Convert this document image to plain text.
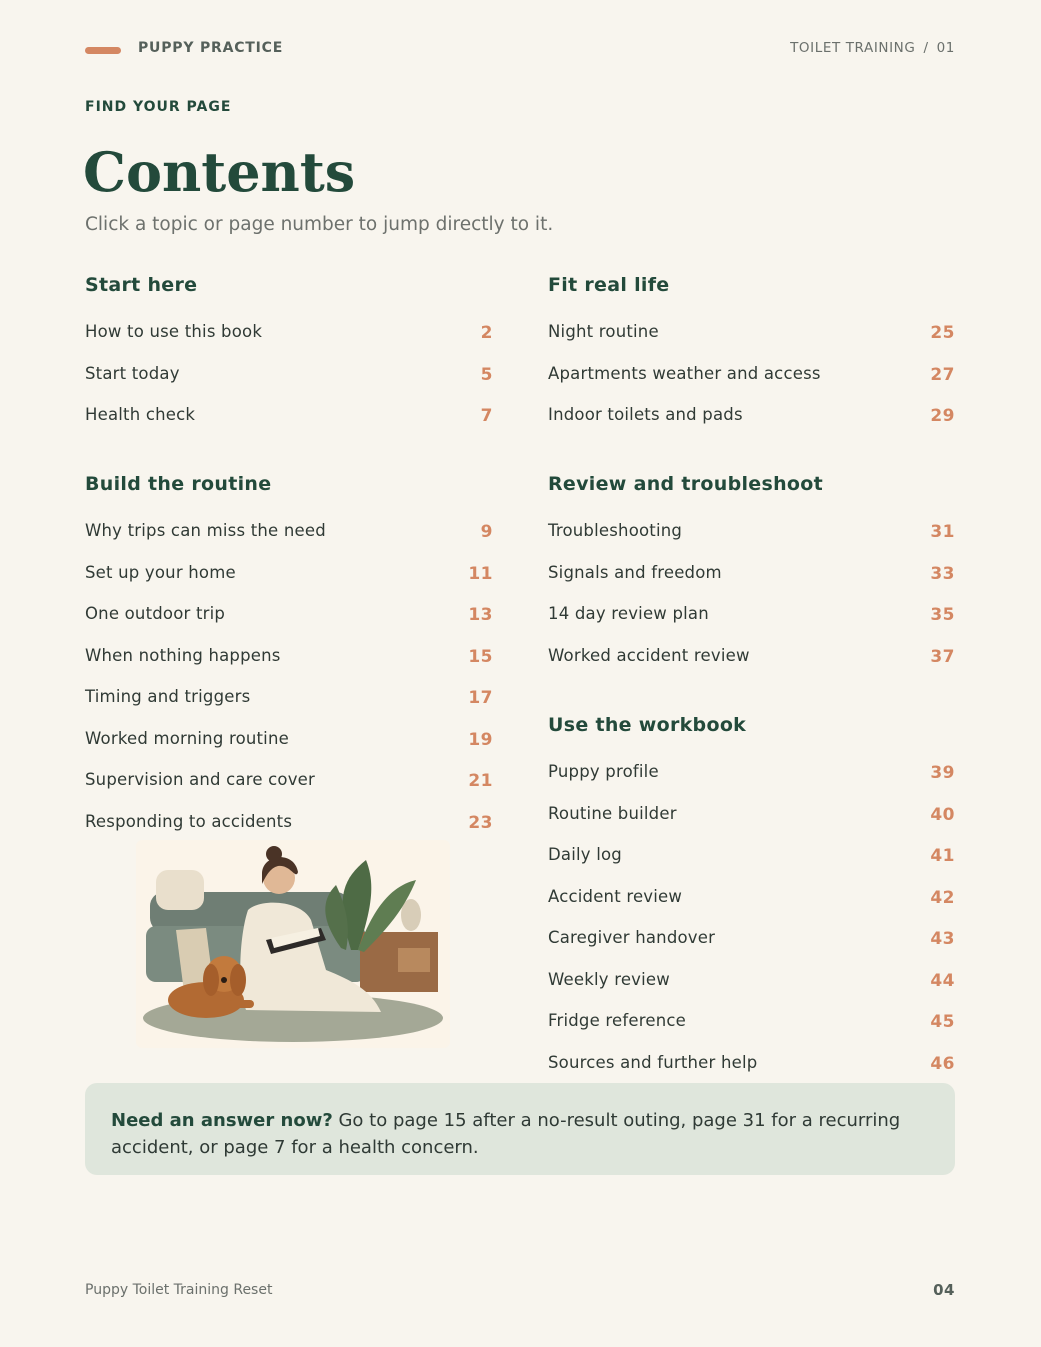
PUPPY PRACTICE	TOILET TRAINING / 01
FIND YOUR PAGE
Contents
Click a topic or page number to jump directly to it.
Start here
How to use this book	2
Start today	5
Health check	7
Build the routine
Why trips can miss the need	9
Set up your home	11
One outdoor trip	13
When nothing happens	15
Timing and triggers	17
Worked morning routine	19
Supervision and care cover	21
Responding to accidents	23
Fit real life
Night routine	25
Apartments weather and access	27
Indoor toilets and pads	29
Review and troubleshoot
Troubleshooting	31
Signals and freedom	33
14 day review plan	35
Worked accident review	37
Use the workbook
Puppy profile	39
Routine builder	40
Daily log	41
Accident review	42
Caregiver handover	43
Weekly review	44
Fridge reference	45
Sources and further help	46
Need an answer now? Go to page 15 after a no-result outing, page 31 for a recurring accident, or page 7 for a health concern.
Puppy Toilet Training Reset	04
